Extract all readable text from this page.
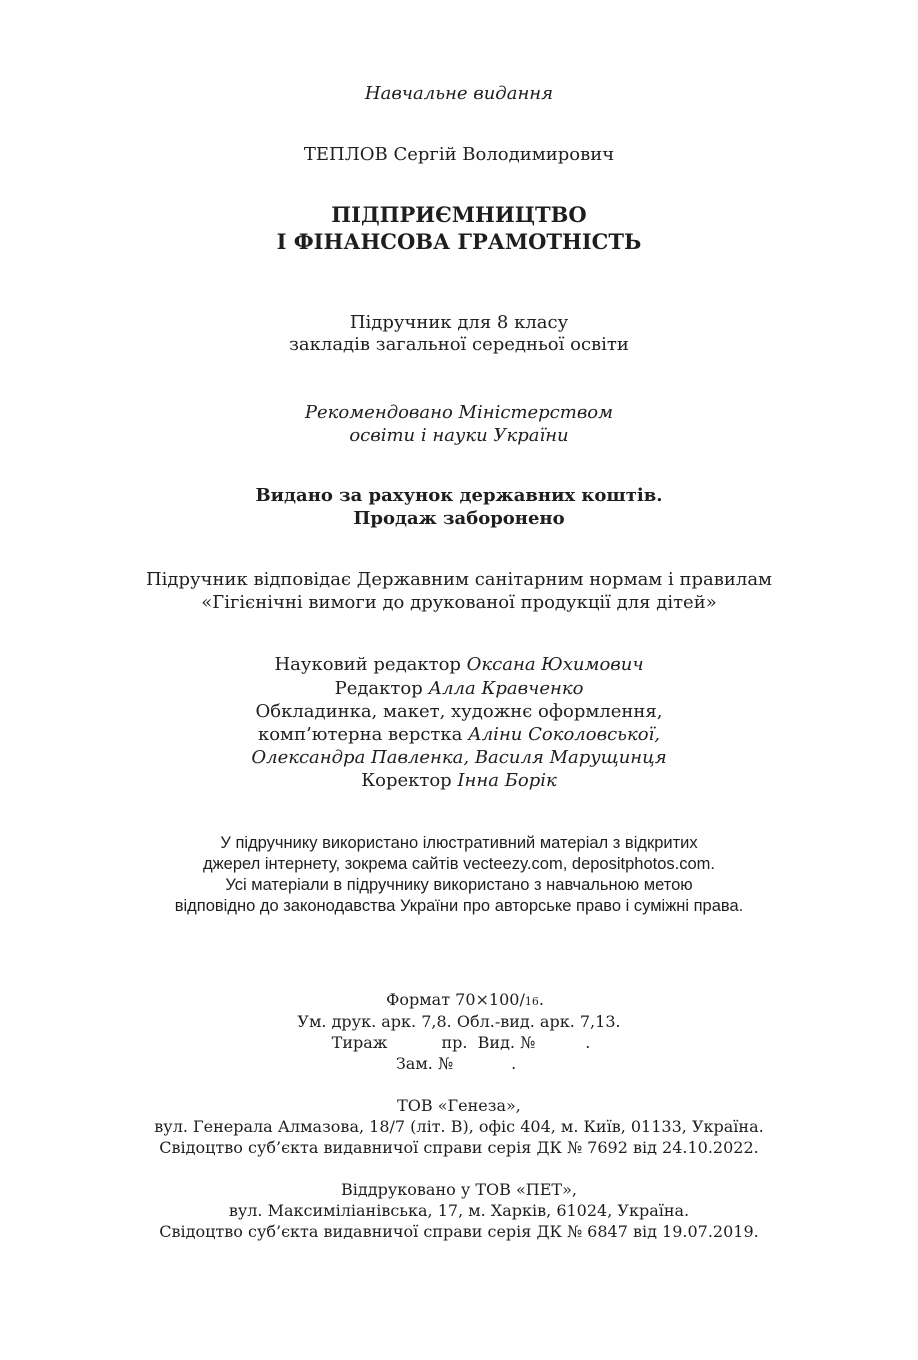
Навчальне видання
ТЕПЛОВ Сергій Володимирович
ПІДПРИЄМНИЦТВО
І ФІНАНСОВА ГРАМОТНІСТЬ
Підручник для 8 класу
закладів загальної середньої освіти
Рекомендовано Міністерством
освіти і науки України
Видано за рахунок державних коштів.
Продаж заборонено
Підручник відповідає Державним санітарним нормам і правилам
«Гігієнічні вимоги до друкованої продукції для дітей»
Науковий редактор Оксана Юхимович
Редактор Алла Кравченко
Обкладинка, макет, художнє оформлення,
комп’ютерна верстка Аліни Соколовської,
Олександра Павленка, Василя Марущинця
Коректор Інна Борік
У підручнику використано ілюстративний матеріал з відкритих
джерел інтернету, зокрема сайтів vecteezy.com, depositphotos.com.
Усі матеріали в підручнику використано з навчальною метою
відповідно до законодавства України про авторське право і суміжні права.
Формат 70×100/16.
Ум. друк. арк. 7,8. Обл.-вид. арк. 7,13.
Тираж	пр. Вид. №	.
Зам. №	.
ТОВ «Генеза»,
вул. Генерала Алмазова, 18/7 (літ. В), офіс 404, м. Київ, 01133, Україна.
Свідоцтво суб’єкта видавничої справи серія ДК № 7692 від 24.10.2022.
Віддруковано у ТОВ «ПЕТ»,
вул. Максиміліанівська, 17, м. Харків, 61024, Україна.
Свідоцтво суб’єкта видавничої справи серія ДК № 6847 від 19.07.2019.
